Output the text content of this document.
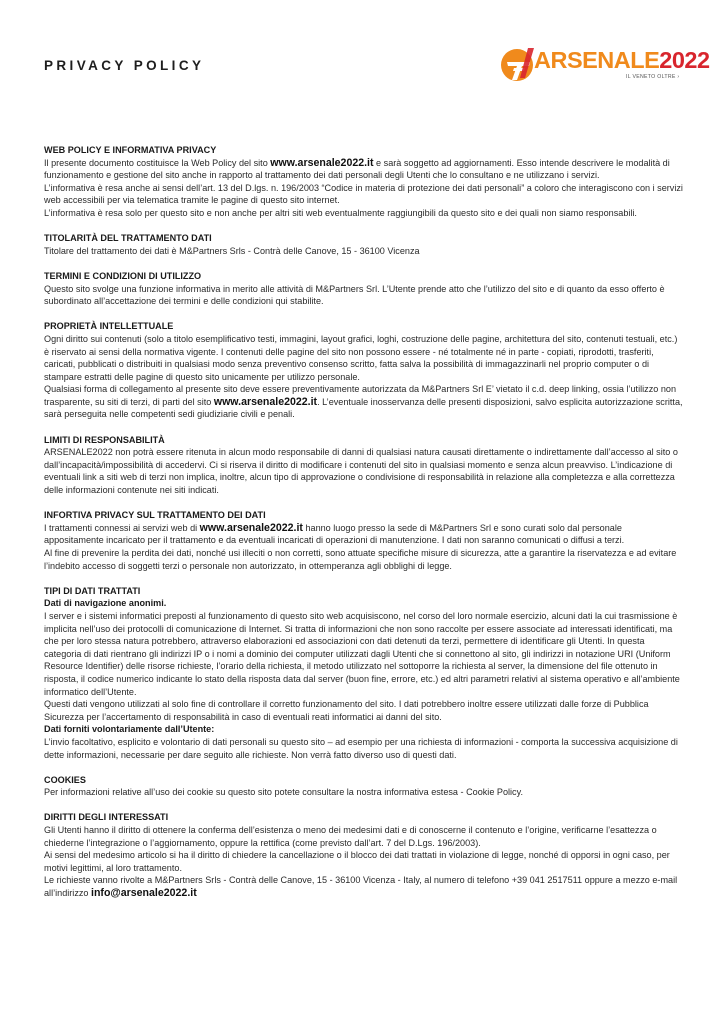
PRIVACY POLICY	ARSENALE2022
IL VENETO OLTRE ›
WEB POLICY E INFORMATIVA PRIVACY
Il presente documento costituisce la Web Policy del sito www.arsenale2022.it e sarà soggetto ad aggiornamenti. Esso intende descrivere le modalità di funzionamento e gestione del sito anche in rapporto al trattamento dei dati personali degli Utenti che lo consultano e ne utilizzano i servizi.
L’informativa è resa anche ai sensi dell’art. 13 del D.lgs. n. 196/2003 “Codice in materia di protezione dei dati personali” a coloro che interagiscono con i servizi web accessibili per via telematica tramite le pagine di questo sito internet.
L’informativa è resa solo per questo sito e non anche per altri siti web eventualmente raggiungibili da questo sito e dei quali non siamo responsabili.
TITOLARITÀ DEL TRATTAMENTO DATI
Titolare del trattamento dei dati è M&Partners Srls - Contrà delle Canove, 15 - 36100 Vicenza
TERMINI E CONDIZIONI DI UTILIZZO
Questo sito svolge una funzione informativa in merito alle attività di M&Partners Srl. L’Utente prende atto che l’utilizzo del sito e di quanto da esso offerto è subordinato all’accettazione dei termini e delle condizioni qui stabilite.
PROPRIETÀ INTELLETTUALE
Ogni diritto sui contenuti (solo a titolo esemplificativo testi, immagini, layout grafici, loghi, costruzione delle pagine, architettura del sito, contenuti testuali, etc.) è riservato ai sensi della normativa vigente. I contenuti delle pagine del sito non possono essere - né totalmente né in parte - copiati, riprodotti, trasferiti, caricati, pubblicati o distribuiti in qualsiasi modo senza preventivo consenso scritto, fatta salva la possibilità di immagazzinarli nel proprio computer o di stampare estratti delle pagine di questo sito unicamente per utilizzo personale.
Qualsiasi forma di collegamento al presente sito deve essere preventivamente autorizzata da M&Partners Srl E’ vietato il c.d. deep linking, ossia l’utilizzo non trasparente, su siti di terzi, di parti del sito www.arsenale2022.it. L’eventuale inosservanza delle presenti disposizioni, salvo esplicita autorizzazione scritta, sarà perseguita nelle competenti sedi giudiziarie civili e penali.
LIMITI DI RESPONSABILITÀ
ARSENALE2022 non potrà essere ritenuta in alcun modo responsabile di danni di qualsiasi natura causati direttamente o indirettamente dall’accesso al sito o dall’incapacità/impossibilità di accedervi. Ci si riserva il diritto di modificare i contenuti del sito in qualsiasi momento e senza alcun preavviso. L’indicazione di eventuali link a siti web di terzi non implica, inoltre, alcun tipo di approvazione o condivisione di responsabilità in relazione alla completezza e alla correttezza delle informazioni contenute nei siti indicati.
INFORTIVA PRIVACY SUL TRATTAMENTO DEI DATI
I trattamenti connessi ai servizi web di www.arsenale2022.it hanno luogo presso la sede di M&Partners Srl e sono curati solo dal personale appositamente incaricato per il trattamento e da eventuali incaricati di operazioni di manutenzione. I dati non saranno comunicati o diffusi a terzi.
Al fine di prevenire la perdita dei dati, nonché usi illeciti o non corretti, sono attuate specifiche misure di sicurezza, atte a garantire la riservatezza e ad evitare l’indebito accesso di soggetti terzi o personale non autorizzato, in ottemperanza agli obblighi di legge.
TIPI DI DATI TRATTATI
Dati di navigazione anonimi.
I server e i sistemi informatici preposti al funzionamento di questo sito web acquisiscono, nel corso del loro normale esercizio, alcuni dati la cui trasmissione è implicita nell’uso dei protocolli di comunicazione di Internet. Si tratta di informazioni che non sono raccolte per essere associate ad interessati identificati, ma che per loro stessa natura potrebbero, attraverso elaborazioni ed associazioni con dati detenuti da terzi, permettere di identificare gli Utenti. In questa categoria di dati rientrano gli indirizzi IP o i nomi a dominio dei computer utilizzati dagli Utenti che si connettono al sito, gli indirizzi in notazione URI (Uniform Resource Identifier) delle risorse richieste, l’orario della richiesta, il metodo utilizzato nel sottoporre la richiesta al server, la dimensione del file ottenuto in risposta, il codice numerico indicante lo stato della risposta data dal server (buon fine, errore, etc.) ed altri parametri relativi al sistema operativo e all’ambiente informatico dell’Utente.
Questi dati vengono utilizzati al solo fine di controllare il corretto funzionamento del sito. I dati potrebbero inoltre essere utilizzati dalle forze di Pubblica Sicurezza per l’accertamento di responsabilità in caso di eventuali reati informatici ai danni del sito.
Dati forniti volontariamente dall’Utente:
L’invio facoltativo, esplicito e volontario di dati personali su questo sito – ad esempio per una richiesta di informazioni - comporta la successiva acquisizione di dette informazioni, necessarie per dare seguito alle richieste. Non verrà fatto diverso uso di questi dati.
COOKIES
Per informazioni relative all’uso dei cookie su questo sito potete consultare la nostra informativa estesa - Cookie Policy.
DIRITTI DEGLI INTERESSATI
Gli Utenti hanno il diritto di ottenere la conferma dell’esistenza o meno dei medesimi dati e di conoscerne il contenuto e l’origine, verificarne l’esattezza o chiederne l’integrazione o l’aggiornamento, oppure la rettifica (come previsto dall’art. 7 del D.Lgs. 196/2003).
Ai sensi del medesimo articolo si ha il diritto di chiedere la cancellazione o il blocco dei dati trattati in violazione di legge, nonché di opporsi in ogni caso, per motivi legittimi, al loro trattamento.
Le richieste vanno rivolte a M&Partners Srls - Contrà delle Canove, 15 - 36100 Vicenza - Italy, al numero di telefono +39 041 2517511 oppure a mezzo e-mail all’indirizzo info@arsenale2022.it
